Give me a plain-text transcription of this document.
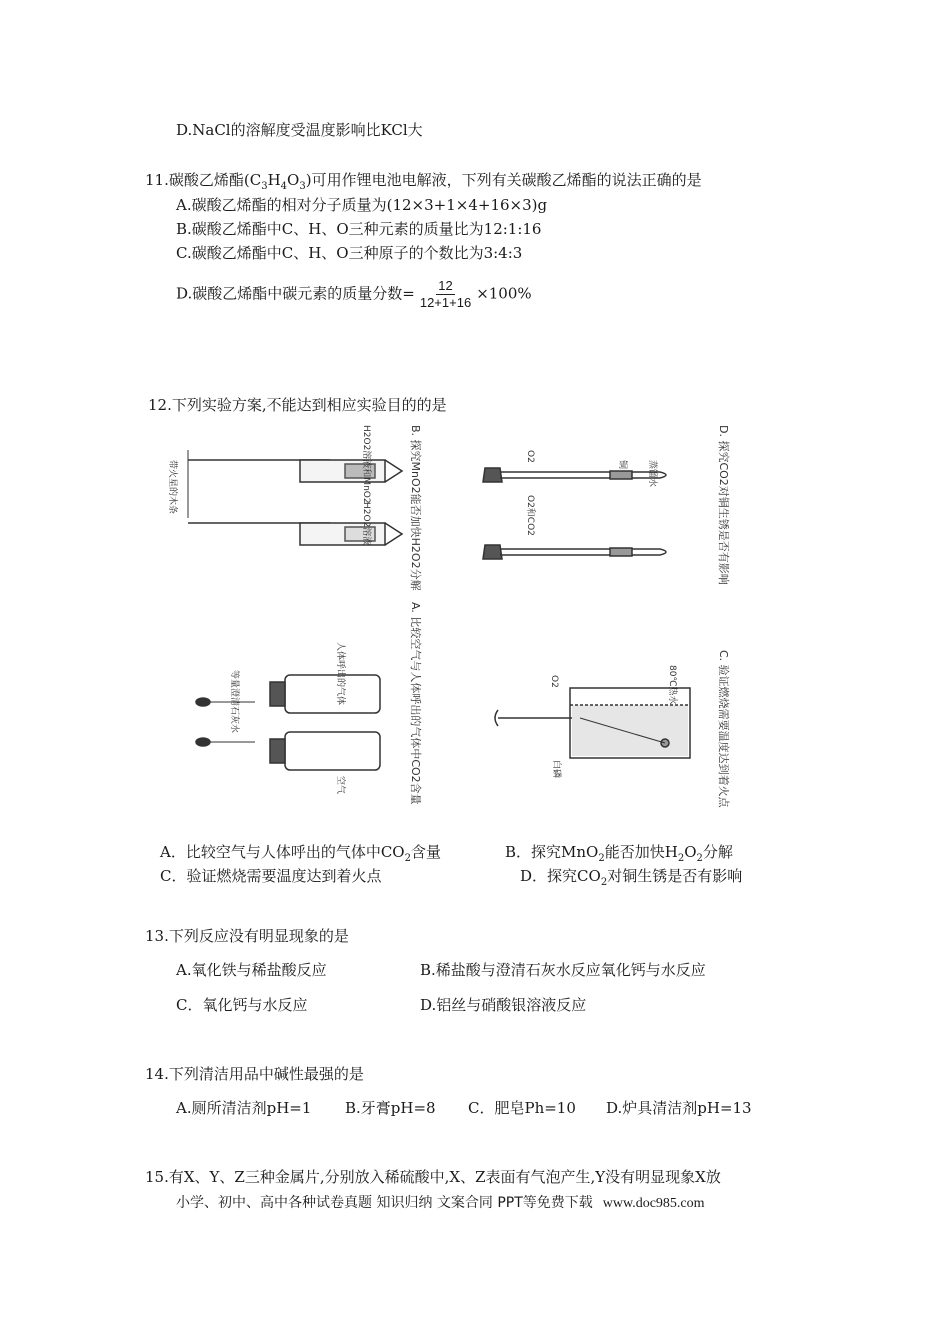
D.NaCl的溶解度受温度影响比KCl大
11.碳酸乙烯酯$(C_3H_4O_3)$可用作锂电池电解液，下列有关碳酸乙烯酯的说法正确的是
A.碳酸乙烯酯的相对分子质量为(12×3+1×4+16×3)g
B.碳酸乙烯酯中C、H、O三种元素的质量比为12:1:16
C.碳酸乙烯酯中C、H、O三种原子的个数比为3:4:3
D.碳酸乙烯酯中碳元素的质量分数= $\frac{12}{12+1+16} \times 100\%$
12.下列实验方案,不能达到相应实验目的的是
带火星的木条	H2O2溶液和MnO2
H2O2溶液	B. 探究MnO2能否加快H2O2分解	O2
O2和CO2
铜 蒸馏水	D. 探究CO2对铜生锈是否有影响
人体呼出的气体
空气
等量澄清石灰水	A. 比较空气与人体呼出的气体中CO2含量	O2	80℃热水
白磷	C. 验证燃烧需要温度达到着火点
A．比较空气与人体呼出的气体中$CO_2$含量	B．探究MnO$_2$能否加快$H_2O_2$分解
C．验证燃烧需要温度达到着火点	D．探究$CO_2$对铜生锈是否有影响
13.下列反应没有明显现象的是
A.氧化铁与稀盐酸反应	B.稀盐酸与澄清石灰水反应氧化钙与水反应
C．氧化钙与水反应	D.铝丝与硝酸银溶液反应
14.下列清洁用品中碱性最强的是
A.厕所清洁剂pH=1 B.牙膏pH=8 C．肥皂Ph=10 D.炉具清洁剂pH=13
15.有X、Y、Z三种金属片,分别放入稀硫酸中,X、Z表面有气泡产生,Y没有明显现象X放
小学、初中、高中各种试卷真题 知识归纳 文案合同 PPT等免费下载 www.doc985.com
